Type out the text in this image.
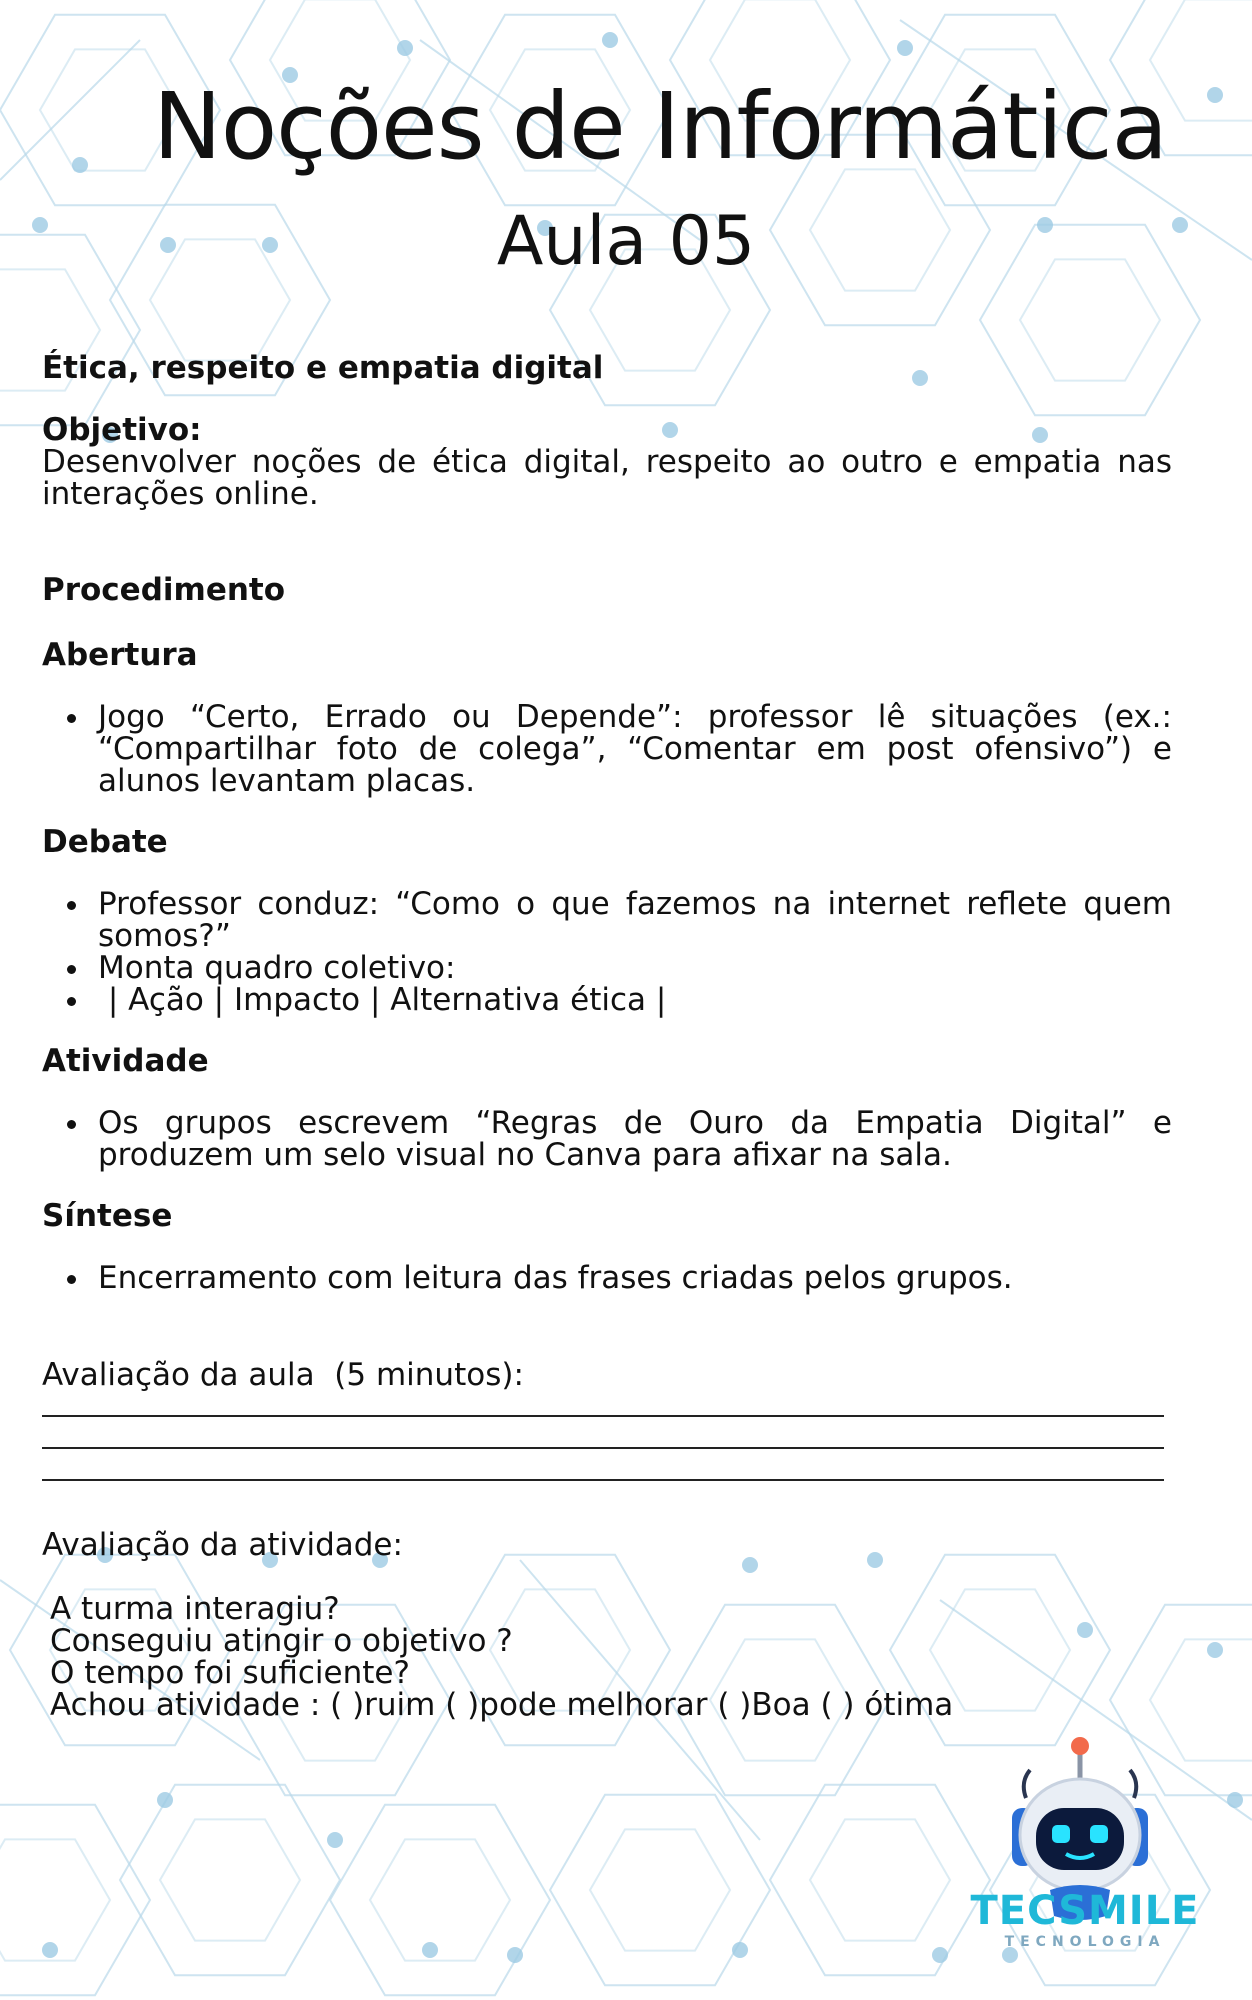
Noções de Informática
Aula 05
Ética, respeito e empatia digital
Objetivo:
Desenvolver noções de ética digital, respeito ao outro e empatia nas interações online.
Procedimento
Abertura
Jogo “Certo, Errado ou Depende”: professor lê situações (ex.: “Compartilhar foto de colega”, “Comentar em post ofensivo”) e alunos levantam placas.
Debate
Professor conduz: “Como o que fazemos na internet reflete quem somos?”
Monta quadro coletivo:
| Ação | Impacto | Alternativa ética |
Atividade
Os grupos escrevem “Regras de Ouro da Empatia Digital” e produzem um selo visual no Canva para afixar na sala.
Síntese
Encerramento com leitura das frases criadas pelos grupos.
Avaliação da aula  (5 minutos):
Avaliação da atividade:
A turma interagiu?
Conseguiu atingir o objetivo ?
O tempo foi suficiente?
Achou atividade : ( )ruim ( )pode melhorar ( )Boa ( ) ótima
TECSMILE
TECNOLOGIA
